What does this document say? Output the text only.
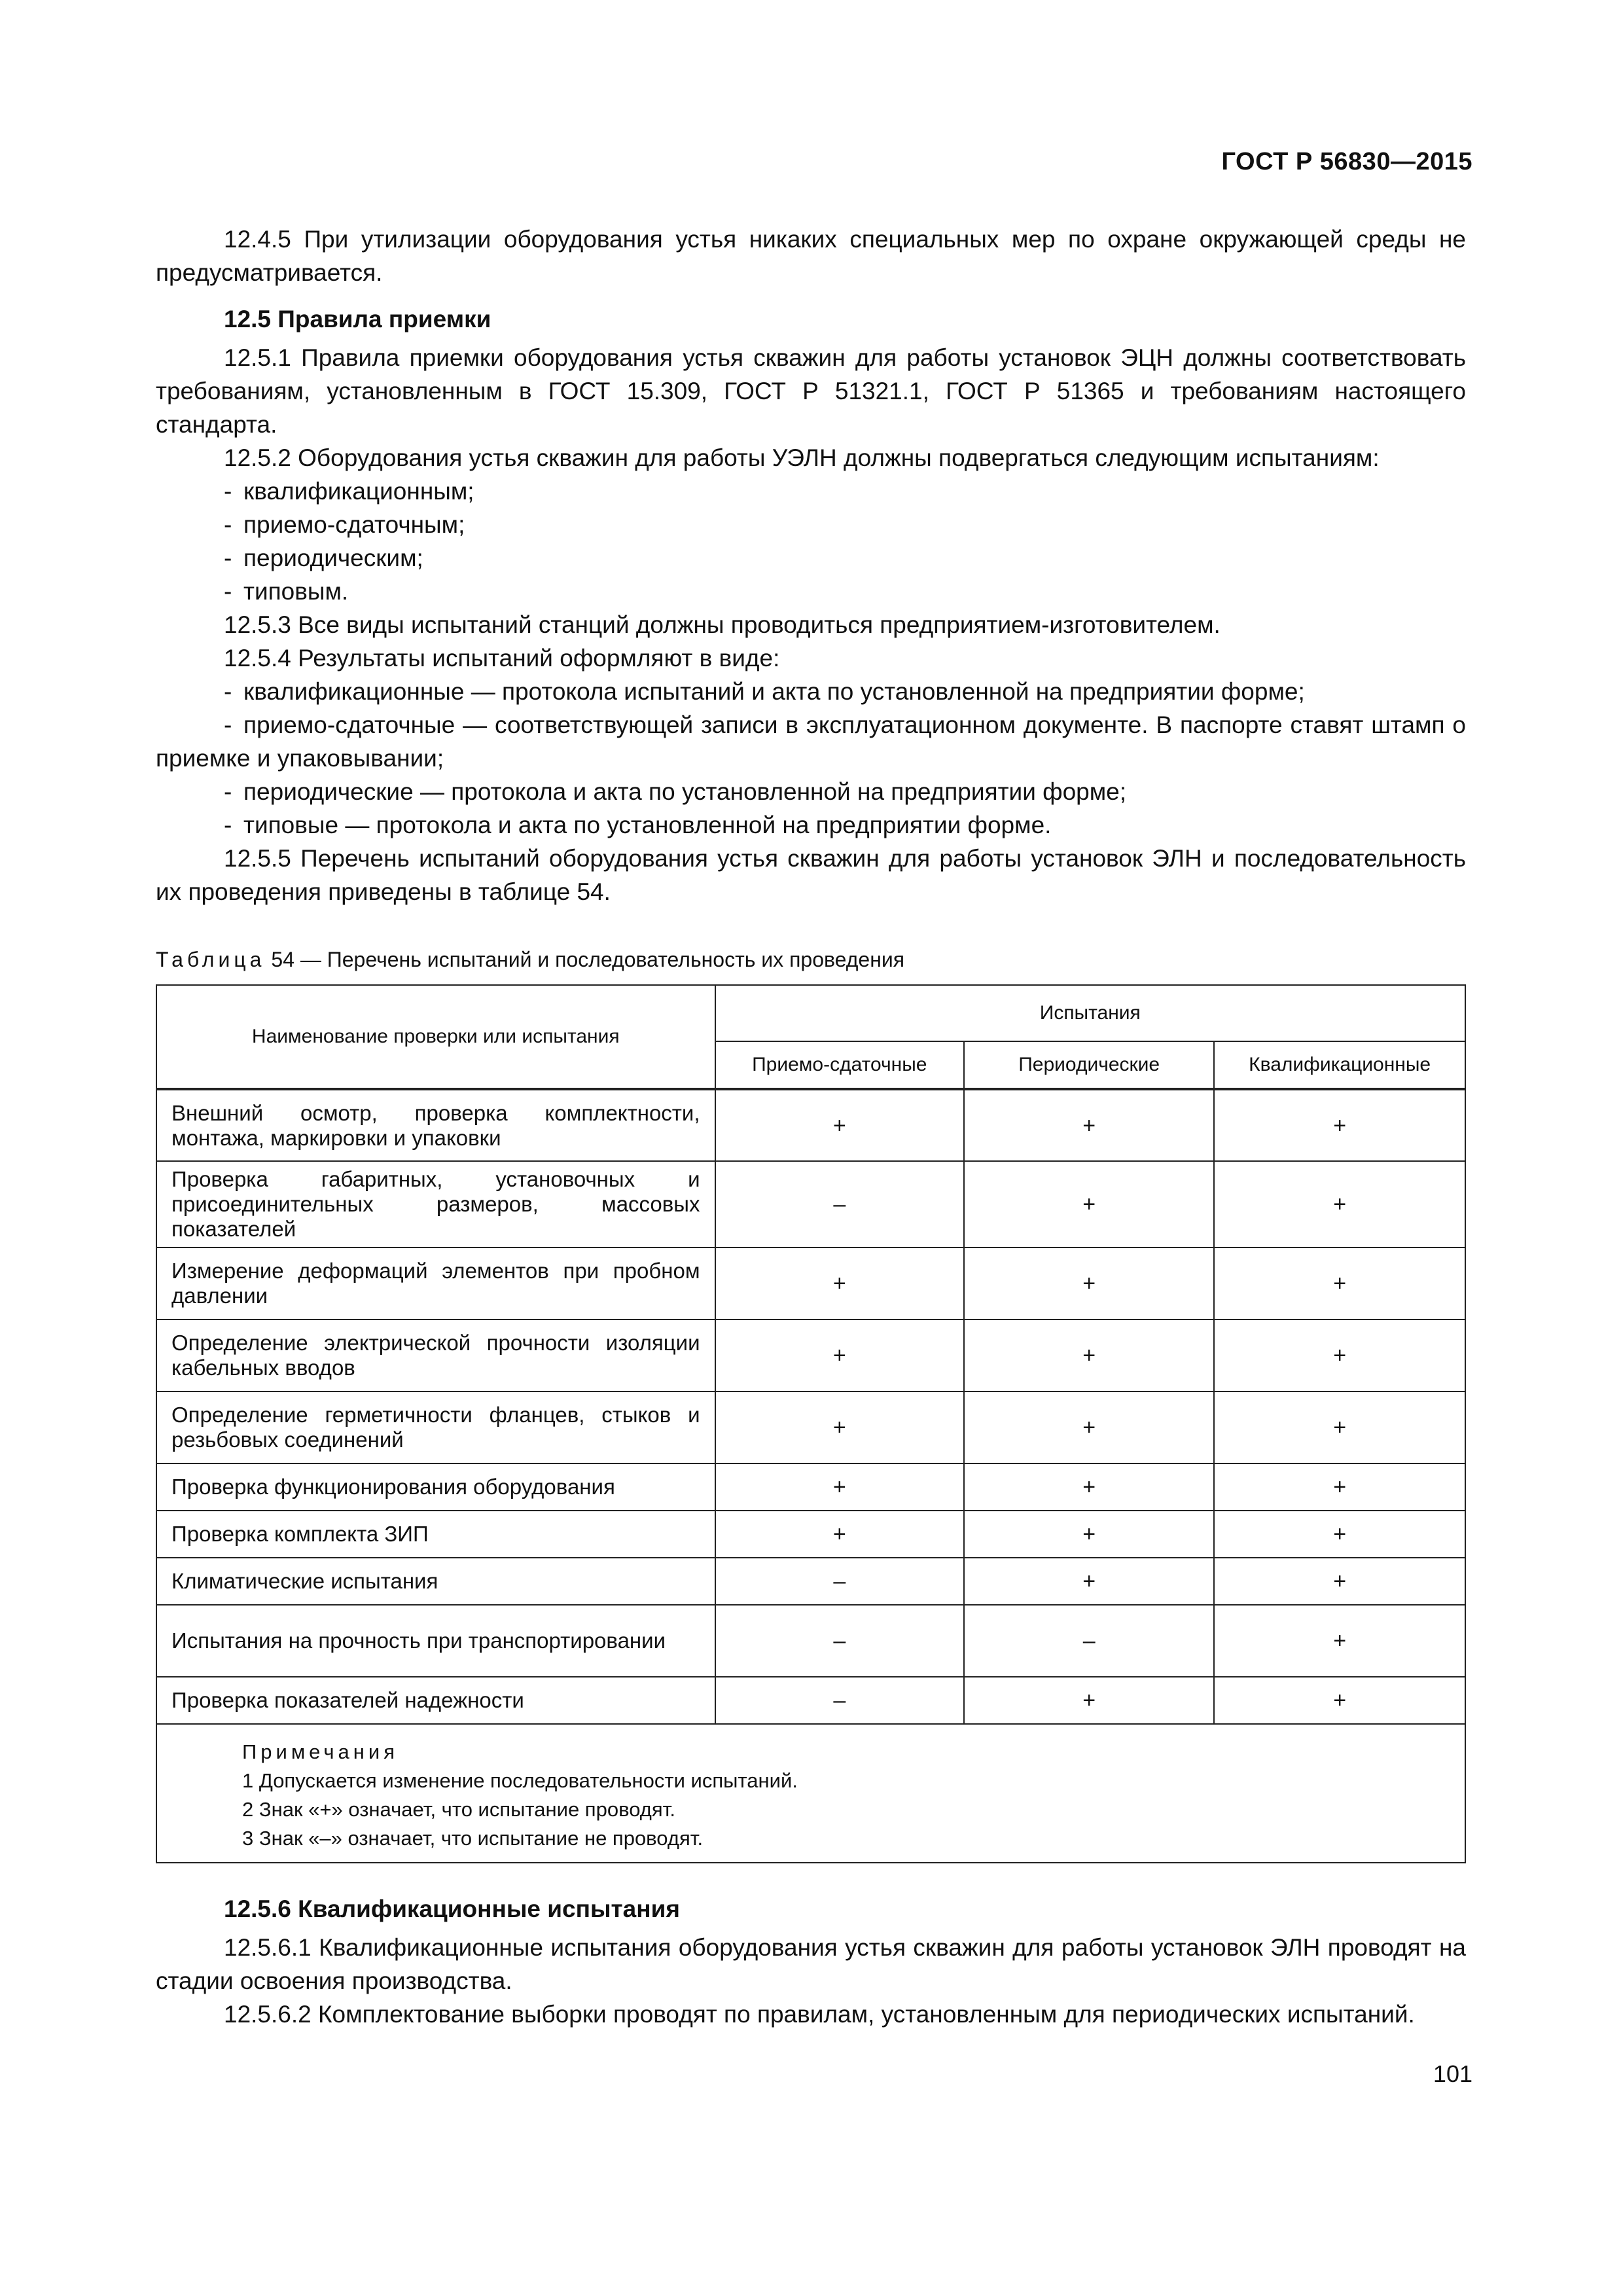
ГОСТ Р 56830—2015

12.4.5 При утилизации оборудования устья никаких специальных мер по охране окружающей среды не предусматривается.

12.5 Правила приемки

12.5.1 Правила приемки оборудования устья скважин для работы установок ЭЦН должны соответствовать требованиям, установленным в ГОСТ 15.309, ГОСТ Р 51321.1, ГОСТ Р 51365 и требованиям настоящего стандарта.

12.5.2 Оборудования устья скважин для работы УЭЛН должны подвергаться следующим испытаниям:

- квалификационным;

- приемо-сдаточным;

- периодическим;

- типовым.

12.5.3 Все виды испытаний станций должны проводиться предприятием-изготовителем.

12.5.4 Результаты испытаний оформляют в виде:

- квалификационные — протокола испытаний и акта по установленной на предприятии форме;

- приемо-сдаточные — соответствующей записи в эксплуатационном документе. В паспорте ставят штамп о приемке и упаковывании;

- периодические — протокола и акта по установленной на предприятии форме;

- типовые — протокола и акта по установленной на предприятии форме.

12.5.5 Перечень испытаний оборудования устья скважин для работы установок ЭЛН и последовательность их проведения приведены в таблице 54.

Таблица 54 — Перечень испытаний и последовательность их проведения
Наименование проверки или испытания	Испытания		
	Приемо-сдаточные	Периодические	Квалификационные
Внешний осмотр, проверка комплектности, монтажа, маркировки и упаковки	+	+	+
Проверка габаритных, установочных и присоединительных размеров, массовых показателей	–	+	+
Измерение деформаций элементов при пробном давлении	+	+	+
Определение электрической прочности изоляции кабельных вводов	+	+	+
Определение герметичности фланцев, стыков и резьбовых соединений	+	+	+
Проверка функционирования оборудования	+	+	+
Проверка комплекта ЗИП	+	+	+
Климатические испытания	–	+	+
Испытания на прочность при транспортировании	–	–	+
Проверка показателей надежности	–	+	+

Примечания
1 Допускается изменение последовательности испытаний.
2 Знак «+» означает, что испытание проводят.
3 Знак «–» означает, что испытание не проводят.			

12.5.6 Квалификационные испытания

12.5.6.1 Квалификационные испытания оборудования устья скважин для работы установок ЭЛН проводят на стадии освоения производства.

12.5.6.2 Комплектование выборки проводят по правилам, установленным для периодических испытаний.

101
